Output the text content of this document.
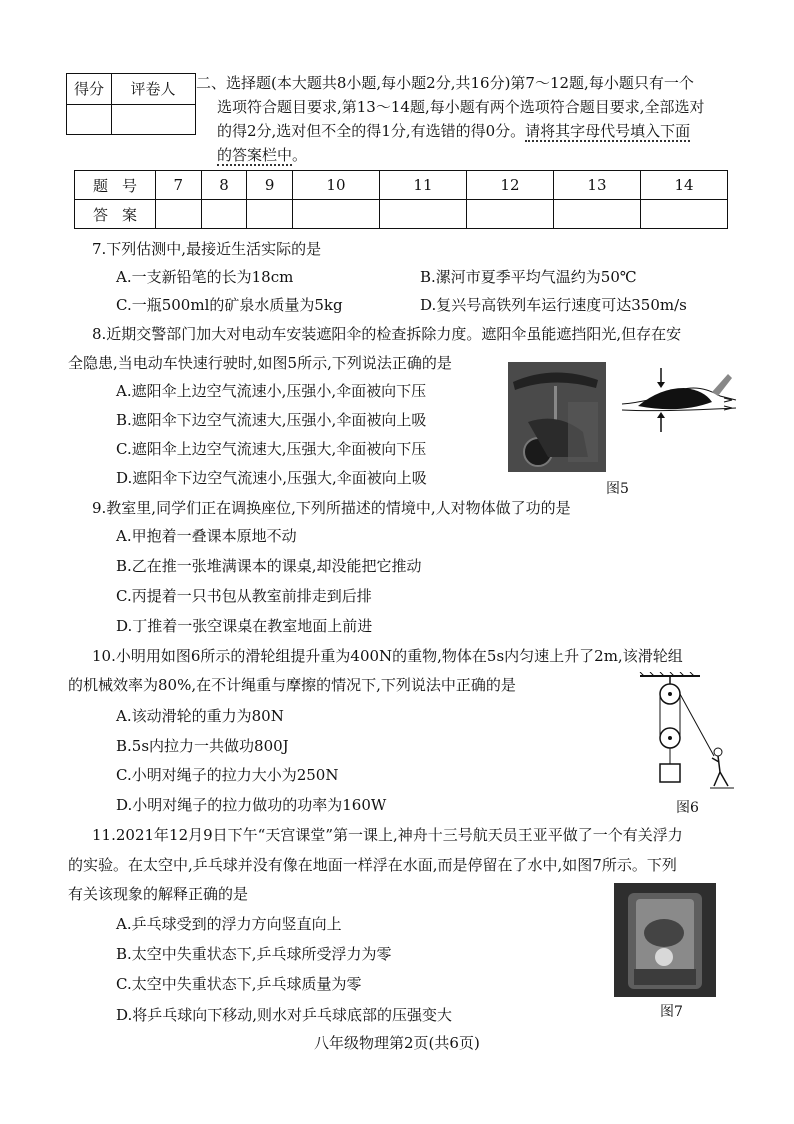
得分	评卷人	二、选择题(本大题共8小题,每小题2分,共16分)第7～12题,每小题只有一个
选项符合题目要求,第13～14题,每小题有两个选项符合题目要求,全部选对
的得2分,选对但不全的得1分,有选错的得0分。请将其字母代号填入下面
的答案栏中。
题号	7	8	9	10	11	12	13	14
答案								
7.下列估测中,最接近生活实际的是
A.一支新铅笔的长为18cm	B.漯河市夏季平均气温约为50℃
C.一瓶500ml的矿泉水质量为5kg	D.复兴号高铁列车运行速度可达350m/s
8.近期交警部门加大对电动车安装遮阳伞的检查拆除力度。遮阳伞虽能遮挡阳光,但存在安
全隐患,当电动车快速行驶时,如图5所示,下列说法正确的是
A.遮阳伞上边空气流速小,压强小,伞面被向下压
B.遮阳伞下边空气流速大,压强小,伞面被向上吸
C.遮阳伞上边空气流速大,压强大,伞面被向下压
D.遮阳伞下边空气流速小,压强大,伞面被向上吸
图5
9.教室里,同学们正在调换座位,下列所描述的情境中,人对物体做了功的是
A.甲抱着一叠课本原地不动
B.乙在推一张堆满课本的课桌,却没能把它推动
C.丙提着一只书包从教室前排走到后排
D.丁推着一张空课桌在教室地面上前进
10.小明用如图6所示的滑轮组提升重为400N的重物,物体在5s内匀速上升了2m,该滑轮组
的机械效率为80%,在不计绳重与摩擦的情况下,下列说法中正确的是
A.该动滑轮的重力为80N
B.5s内拉力一共做功800J
C.小明对绳子的拉力大小为250N
D.小明对绳子的拉力做功的功率为160W	图6
11.2021年12月9日下午“天宫课堂”第一课上,神舟十三号航天员王亚平做了一个有关浮力
的实验。在太空中,乒乓球并没有像在地面一样浮在水面,而是停留在了水中,如图7所示。下列
有关该现象的解释正确的是
A.乒乓球受到的浮力方向竖直向上
B.太空中失重状态下,乒乓球所受浮力为零
C.太空中失重状态下,乒乓球质量为零
D.将乒乓球向下移动,则水对乒乓球底部的压强变大	图7
八年级物理第2页(共6页)
